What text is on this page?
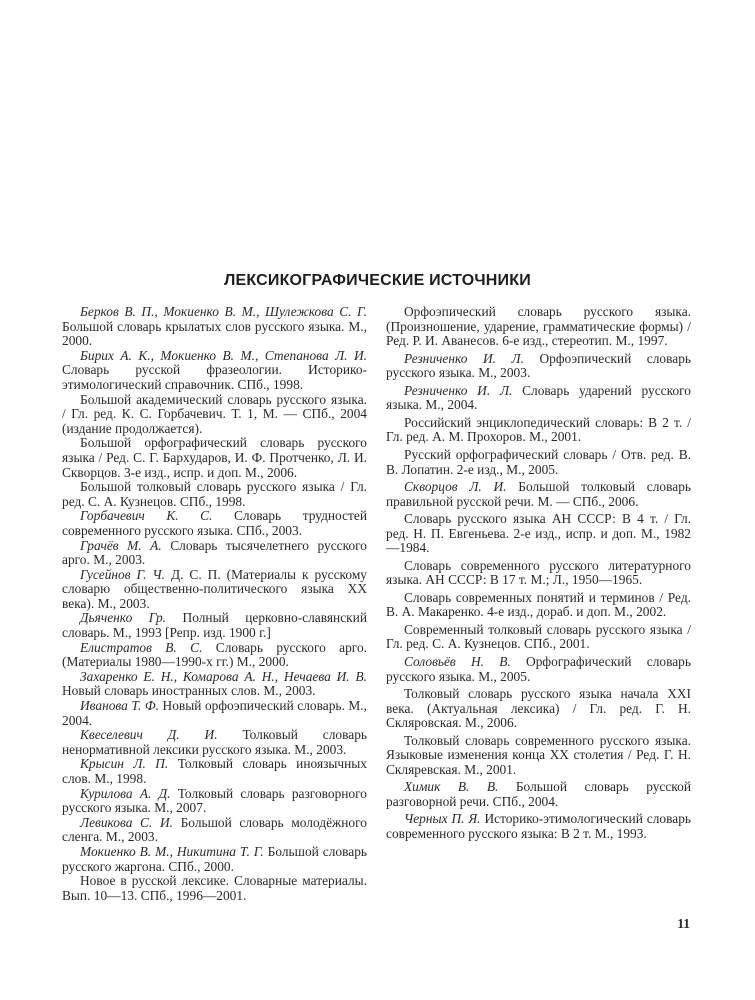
ЛЕКСИКОГРАФИЧЕСКИЕ ИСТОЧНИКИ

Берков В. П., Мокиенко В. М., Шулежкова С. Г. Большой словарь крылатых слов русского языка. М., 2000.

Бирих А. К., Мокиенко В. М., Степанова Л. И. Словарь русской фразеологии. Историко-этимологический справочник. СПб., 1998.

Большой академический словарь русского языка. / Гл. ред. К. С. Горбачевич. Т. 1, М. — СПб., 2004 (издание продолжается).

Большой орфографический словарь русского языка / Ред. С. Г. Бархударов, И. Ф. Протченко, Л. И. Скворцов. 3-е изд., испр. и доп. М., 2006.

Большой толковый словарь русского языка / Гл. ред. С. А. Кузнецов. СПб., 1998.

Горбачевич К. С. Словарь трудностей современного русского языка. СПб., 2003.

Грачёв М. А. Словарь тысячелетнего русского арго. М., 2003.

Гусейнов Г. Ч. Д. С. П. (Материалы к русскому словарю общественно-политического языка XX века). М., 2003.

Дьяченко Гр. Полный церковно-славянский словарь. М., 1993 [Репр. изд. 1900 г.]

Елистратов В. С. Словарь русского арго. (Материалы 1980—1990-х гг.) М., 2000.

Захаренко Е. Н., Комарова А. Н., Нечаева И. В. Новый словарь иностранных слов. М., 2003.

Иванова Т. Ф. Новый орфоэпический словарь. М., 2004.

Квеселевич Д. И. Толковый словарь ненормативной лексики русского языка. М., 2003.

Крысин Л. П. Толковый словарь иноязычных слов. М., 1998.

Курилова А. Д. Толковый словарь разговорного русского языка. М., 2007.

Левикова С. И. Большой словарь молодёжного сленга. М., 2003.

Мокиенко В. М., Никитина Т. Г. Большой словарь русского жаргона. СПб., 2000.

Новое в русской лексике. Словарные материалы. Вып. 10—13. СПб., 1996—2001.

Орфоэпический словарь русского языка. (Произношение, ударение, грамматические формы) / Ред. Р. И. Аванесов. 6-е изд., стереотип. М., 1997.

Резниченко И. Л. Орфоэпический словарь русского языка. М., 2003.

Резниченко И. Л. Словарь ударений русского языка. М., 2004.

Российский энциклопедический словарь: В 2 т. / Гл. ред. А. М. Прохоров. М., 2001.

Русский орфографический словарь / Отв. ред. В. В. Лопатин. 2-е изд., М., 2005.

Скворцов Л. И. Большой толковый словарь правильной русской речи. М. — СПб., 2006.

Словарь русского языка АН СССР: В 4 т. / Гл. ред. Н. П. Евгеньева. 2-е изд., испр. и доп. М., 1982—1984.

Словарь современного русского литературного языка. АН СССР: В 17 т. М.; Л., 1950—1965.

Словарь современных понятий и терминов / Ред. В. А. Макаренко. 4-е изд., дораб. и доп. М., 2002.

Современный толковый словарь русского языка / Гл. ред. С. А. Кузнецов. СПб., 2001.

Соловьёв Н. В. Орфографический словарь русского языка. М., 2005.

Толковый словарь русского языка начала XXI века. (Актуальная лексика) / Гл. ред. Г. Н. Скляровская. М., 2006.

Толковый словарь современного русского языка. Языковые изменения конца XX столетия / Ред. Г. Н. Скляревская. М., 2001.

Химик В. В. Большой словарь русской разговорной речи. СПб., 2004.

Черных П. Я. Историко-этимологический словарь современного русского языка: В 2 т. М., 1993.

11
